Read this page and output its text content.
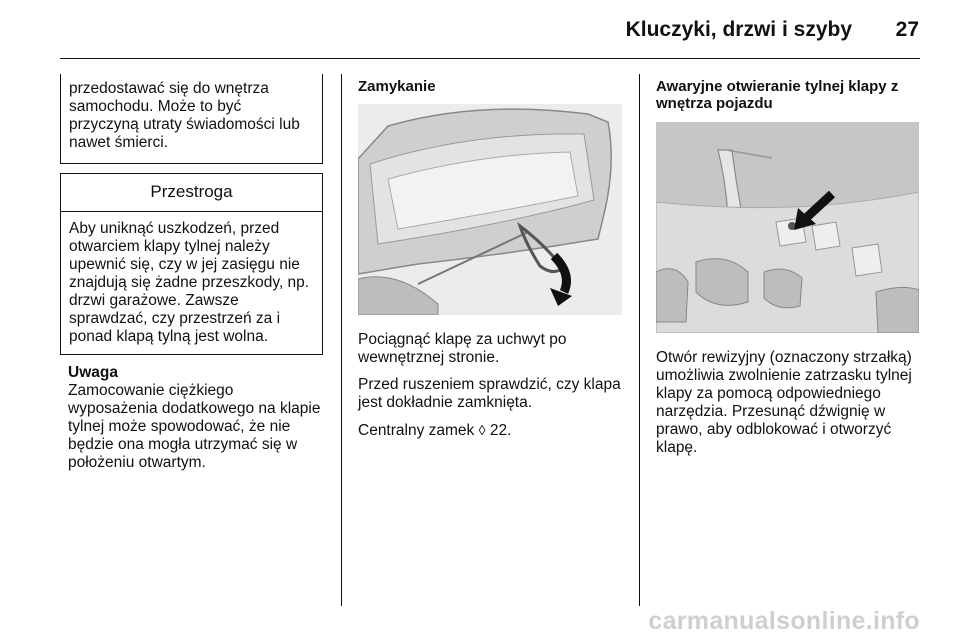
Kluczyki, drzwi i szyby 27

przedostawać się do wnętrza samochodu. Może to być przyczyną utraty świadomości lub nawet śmierci.

Przestroga

Aby uniknąć uszkodzeń, przed otwarciem klapy tylnej należy upewnić się, czy w jej zasięgu nie znajdują się żadne przeszkody, np. drzwi garażowe. Zawsze sprawdzać, czy przestrzeń za i ponad klapą tylną jest wolna.

Uwaga

Zamocowanie ciężkiego wyposażenia dodatkowego na klapie tylnej może spowodować, że nie będzie ona mogła utrzymać się w położeniu otwartym.

Zamykanie

Pociągnąć klapę za uchwyt po wewnętrznej stronie.

Przed ruszeniem sprawdzić, czy klapa jest dokładnie zamknięta.

Centralny zamek ◊ 22.

Awaryjne otwieranie tylnej klapy z wnętrza pojazdu

Otwór rewizyjny (oznaczony strzałką) umożliwia zwolnienie zatrzasku tylnej klapy za pomocą odpowiedniego narzędzia. Przesunąć dźwignię w prawo, aby odblokować i otworzyć klapę.

carmanualsonline.info
